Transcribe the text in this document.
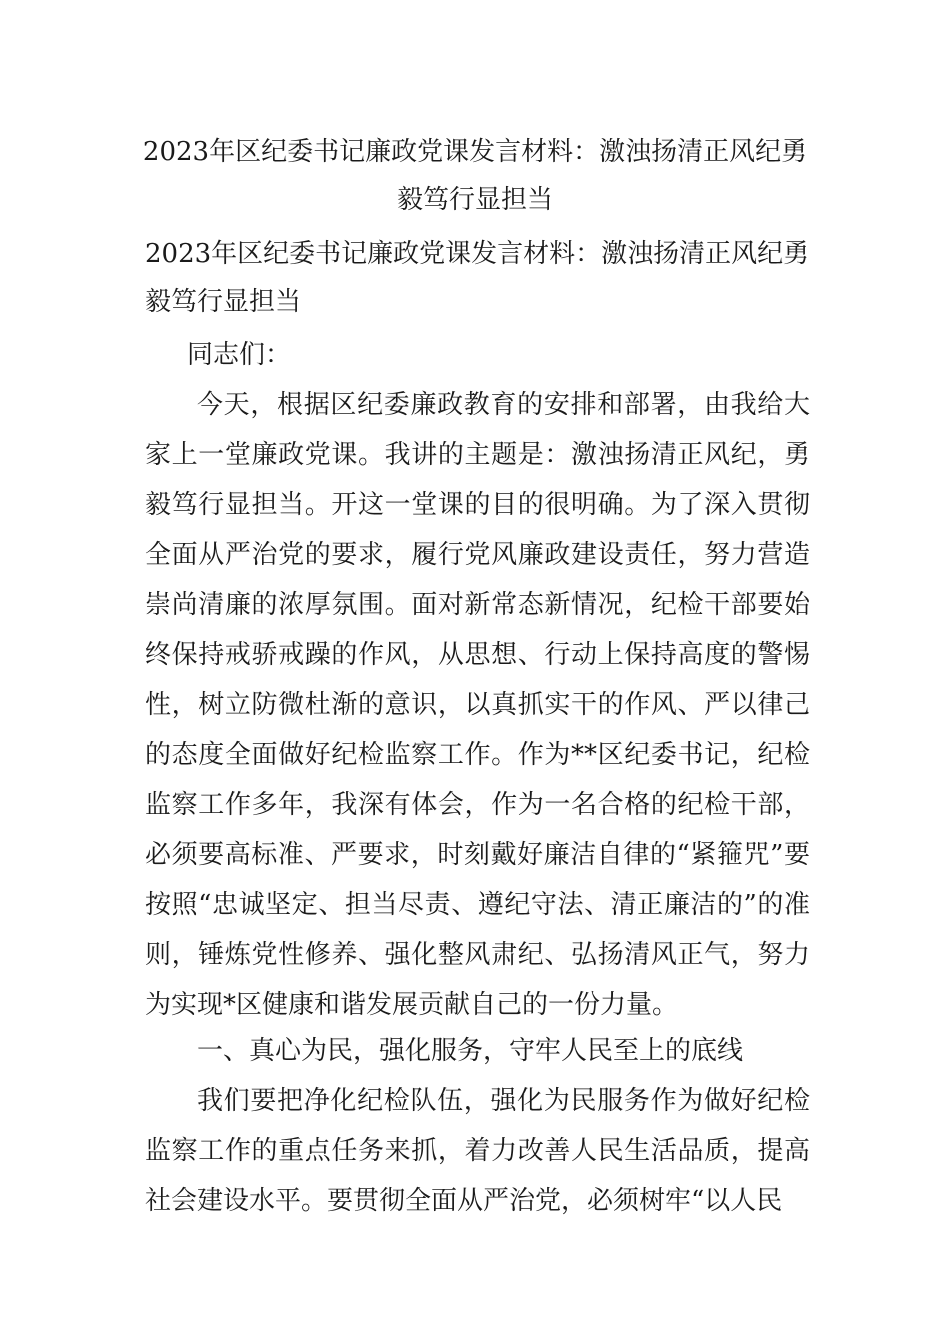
2023年区纪委书记廉政党课发言材料：激浊扬清正风纪勇毅笃行显担当
2023年区纪委书记廉政党课发言材料：激浊扬清正风纪勇毅笃行显担当

同志们：

今天，根据区纪委廉政教育的安排和部署，由我给大家上一堂廉政党课。我讲的主题是：激浊扬清正风纪，勇毅笃行显担当。开这一堂课的目的很明确。为了深入贯彻全面从严治党的要求，履行党风廉政建设责任，努力营造崇尚清廉的浓厚氛围。面对新常态新情况，纪检干部要始终保持戒骄戒躁的作风，从思想、行动上保持高度的警惕性，树立防微杜渐的意识，以真抓实干的作风、严以律己的态度全面做好纪检监察工作。作为**区纪委书记，纪检监察工作多年，我深有体会，作为一名合格的纪检干部，必须要高标准、严要求，时刻戴好廉洁自律的“紧箍咒”要按照“忠诚坚定、担当尽责、遵纪守法、清正廉洁的”的准则，锤炼党性修养、强化整风肃纪、弘扬清风正气，努力为实现*区健康和谐发展贡献自己的一份力量。

一、真心为民，强化服务，守牢人民至上的底线

我们要把净化纪检队伍，强化为民服务作为做好纪检监察工作的重点任务来抓，着力改善人民生活品质，提高社会建设水平。要贯彻全面从严治党，必须树牢“以人民
